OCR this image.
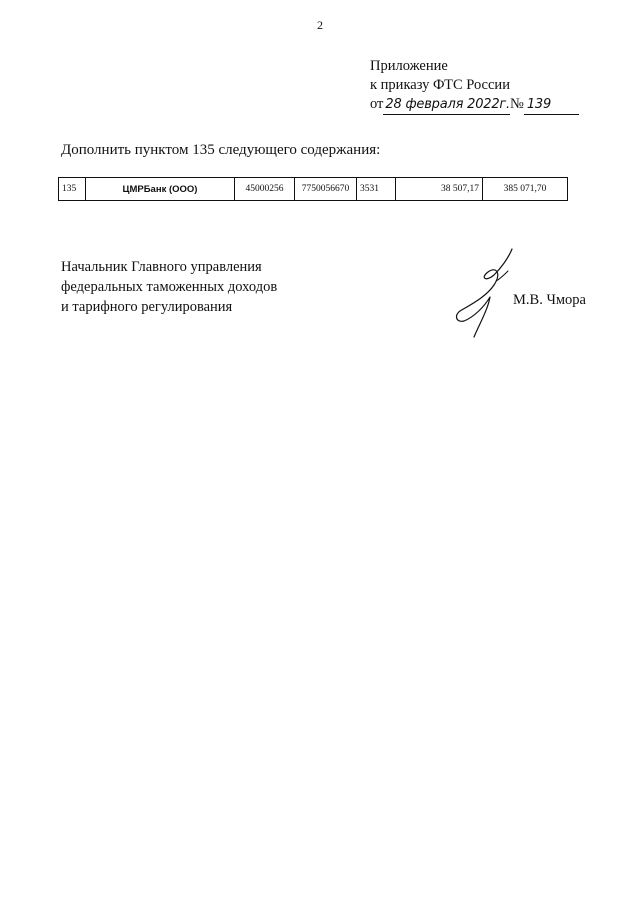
2
Приложение
к приказу ФТС России
от 28 февраля 2022г.№ 139
Дополнить пунктом 135 следующего содержания:
135	ЦМРБанк (ООО)	45000256	7750056670	3531	38 507,17	385 071,70
Начальник Главного управления
федеральных таможенных доходов
и тарифного регулирования	М.В. Чмора
